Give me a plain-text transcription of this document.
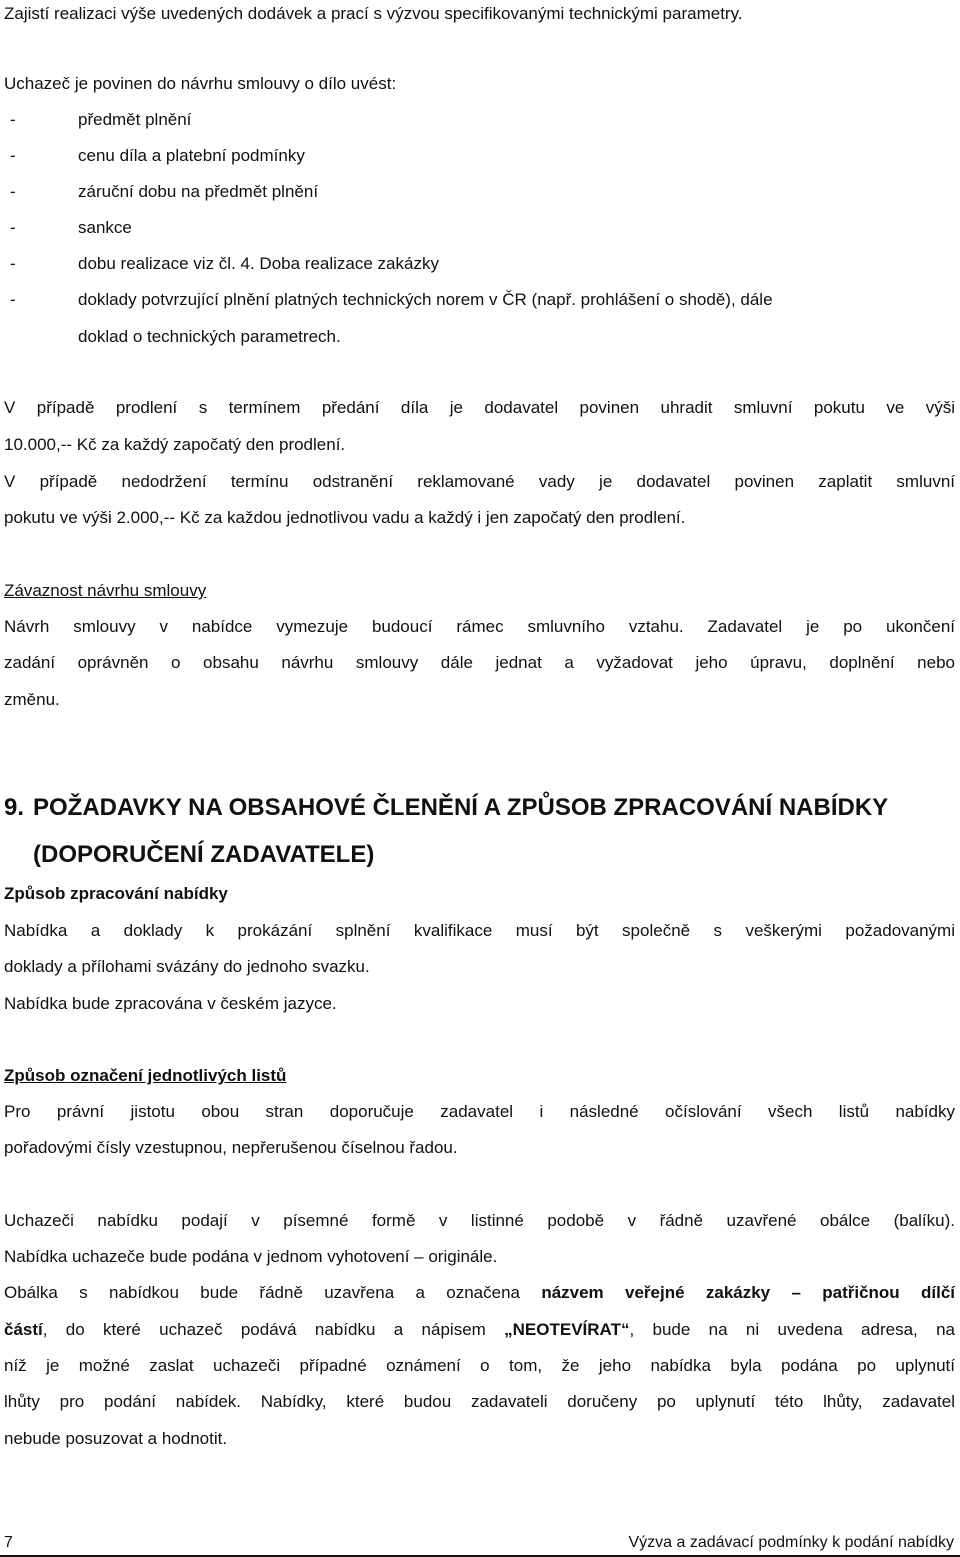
Zajistí realizaci výše uvedených dodávek a prací s výzvou specifikovanými technickými parametry.
Uchazeč je povinen do návrhu smlouvy o dílo uvést:
-	předmět plnění
-	cenu díla a platební podmínky
-	záruční dobu na předmět plnění
-	sankce
-	dobu realizace viz čl. 4. Doba realizace zakázky
-	doklady potvrzující plnění platných technických norem v ČR (např. prohlášení o shodě), dále
doklad o technických parametrech.
V případě prodlení s termínem předání díla je dodavatel povinen uhradit smluvní pokutu ve výši
10.000,-- Kč za každý započatý den prodlení.
V případě nedodržení termínu odstranění reklamované vady je dodavatel povinen zaplatit smluvní
pokutu ve výši 2.000,-- Kč za každou jednotlivou vadu a každý i jen započatý den prodlení.
Závaznost návrhu smlouvy
Návrh smlouvy v nabídce vymezuje budoucí rámec smluvního vztahu. Zadavatel je po ukončení
zadání oprávněn o obsahu návrhu smlouvy dále jednat a vyžadovat jeho úpravu, doplnění nebo
změnu.
9. POŽADAVKY NA OBSAHOVÉ ČLENĚNÍ A ZPŮSOB ZPRACOVÁNÍ NABÍDKY
(DOPORUČENÍ ZADAVATELE)
Způsob zpracování nabídky
Nabídka a doklady k prokázání splnění kvalifikace musí být společně s veškerými požadovanými
doklady a přílohami svázány do jednoho svazku.
Nabídka bude zpracována v českém jazyce.
Způsob označení jednotlivých listů
Pro právní jistotu obou stran doporučuje zadavatel i následné očíslování všech listů nabídky
pořadovými čísly vzestupnou, nepřerušenou číselnou řadou.
Uchazeči nabídku podají v písemné formě v listinné podobě v řádně uzavřené obálce (balíku).
Nabídka uchazeče bude podána v jednom vyhotovení – originále.
Obálka s nabídkou bude řádně uzavřena a označena názvem veřejné zakázky – patřičnou dílčí
částí, do které uchazeč podává nabídku a nápisem „NEOTEVÍRAT“, bude na ni uvedena adresa, na
níž je možné zaslat uchazeči případné oznámení o tom, že jeho nabídka byla podána po uplynutí
lhůty pro podání nabídek. Nabídky, které budou zadavateli doručeny po uplynutí této lhůty, zadavatel
nebude posuzovat a hodnotit.
7	Výzva a zadávací podmínky k podání nabídky
